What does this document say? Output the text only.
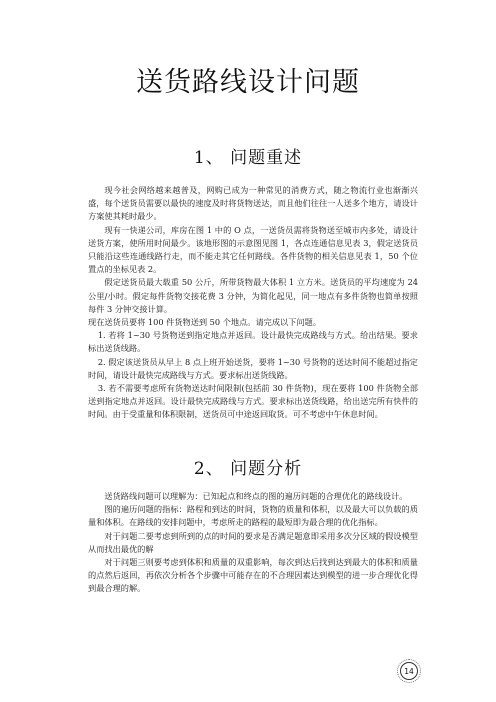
送货路线设计问题
1、 问题重述

现今社会网络越来越普及，网购已成为一种常见的消费方式，随之物流行业也渐渐兴盛，每个送货员需要以最快的速度及时将货物送达，而且他们往往一人送多个地方，请设计方案使其耗时最少。

现有一快递公司，库房在图 1 中的 O 点，一送货员需将货物送至城市内多处，请设计送货方案，使所用时间最少。该地形图的示意图见图 1，各点连通信息见表 3，假定送货员只能沿这些连通线路行走，而不能走其它任何路线。各件货物的相关信息见表 1，50 个位置点的坐标见表 2。

假定送货员最大载重 50 公斤，所带货物最大体积 1 立方米。送货员的平均速度为 24 公里/小时。假定每件货物交接花费 3 分钟，为简化起见，同一地点有多件货物也简单按照每件 3 分钟交接计算。

现在送货员要将 100 件货物送到 50 个地点。请完成以下问题。

1. 若将 1~30 号货物送到指定地点并返回。设计最快完成路线与方式。给出结果。要求标出送货线路。

2. 假定该送货员从早上 8 点上班开始送货，要将 1~30 号货物的送达时间不能超过指定时间，请设计最快完成路线与方式。要求标出送货线路。

3. 若不需要考虑所有货物送达时间限制(包括前 30 件货物)，现在要将 100 件货物全部送到指定地点并返回。设计最快完成路线与方式。要求标出送货线路，给出送完所有快件的时间。由于受重量和体积限制，送货员可中途返回取货。可不考虑中午休息时间。

2、 问题分析

送货路线问题可以理解为：已知起点和终点的图的遍历问题的合理优化的路线设计。

图的遍历问题的指标：路程和到达的时间，货物的质量和体积，以及最大可以负载的质量和体积。在路线的安排问题中，考虑所走的路程的最短即为最合理的优化指标。

对于问题二要考虑到所到的点的时间的要求是否满足题意即采用多次分区域的假设模型从而找出最优的解

对于问题三则要考虑到体积和质量的双重影响，每次到达后找到达到最大的体积和质量的点然后返回，再依次分析各个步骤中可能存在的不合理因素达到模型的进一步合理优化得到最合理的解。

14
